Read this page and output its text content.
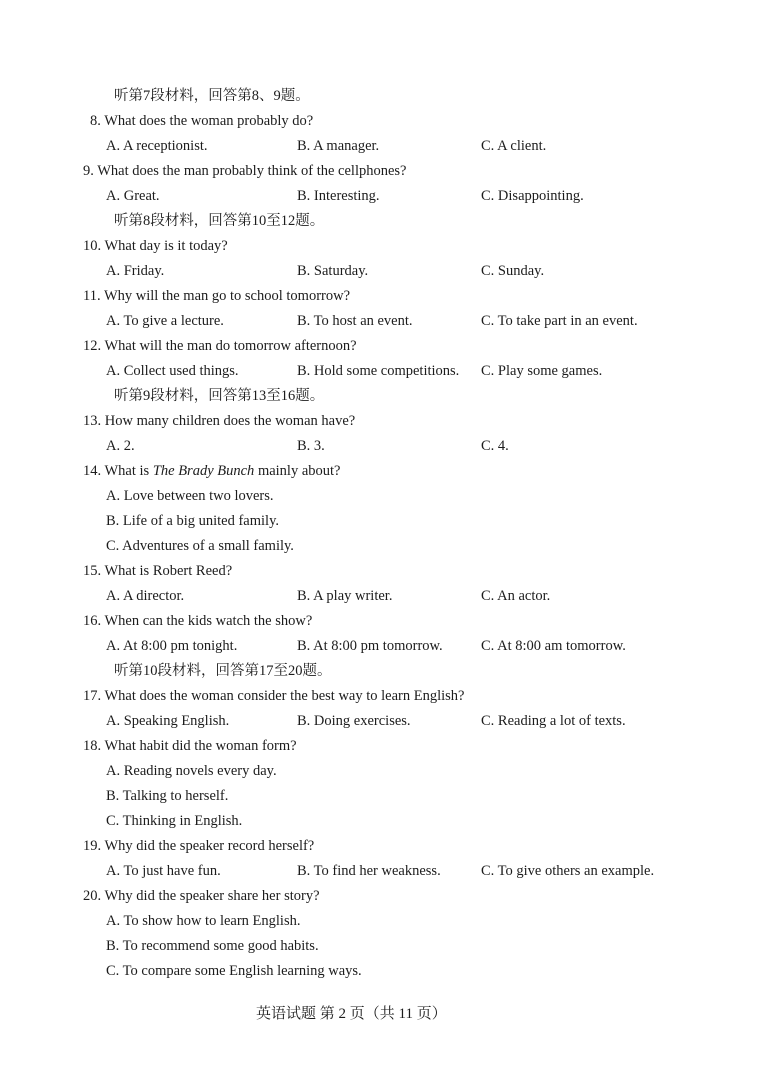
听第7段材料，回答第8、9题。
8. What does the woman probably do?
A. A receptionist.	B. A manager.	C. A client.
9. What does the man probably think of the cellphones?
A. Great.	B. Interesting.	C. Disappointing.
听第8段材料，回答第10至12题。
10. What day is it today?
A. Friday.	B. Saturday.	C. Sunday.
11. Why will the man go to school tomorrow?
A. To give a lecture.	B. To host an event.	C. To take part in an event.
12. What will the man do tomorrow afternoon?
A. Collect used things.	B. Hold some competitions. C. Play some games.
听第9段材料，回答第13至16题。
13. How many children does the woman have?
A. 2.	B. 3.	C. 4.
14. What is The Brady Bunch mainly about?
A. Love between two lovers.
B. Life of a big united family.
C. Adventures of a small family.
15. What is Robert Reed?
A. A director.	B. A play writer.	C. An actor.
16. When can the kids watch the show?
A. At 8:00 pm tonight.	B. At 8:00 pm tomorrow.	C. At 8:00 am tomorrow.
听第10段材料，回答第17至20题。
17. What does the woman consider the best way to learn English?
A. Speaking English.	B. Doing exercises.	C. Reading a lot of texts.
18. What habit did the woman form?
A. Reading novels every day.
B. Talking to herself.
C. Thinking in English.
19. Why did the speaker record herself?
A. To just have fun.	B. To find her weakness.	C. To give others an example.
20. Why did the speaker share her story?
A. To show how to learn English.
B. To recommend some good habits.
C. To compare some English learning ways.
英语试题 第 2 页（共 11 页）
